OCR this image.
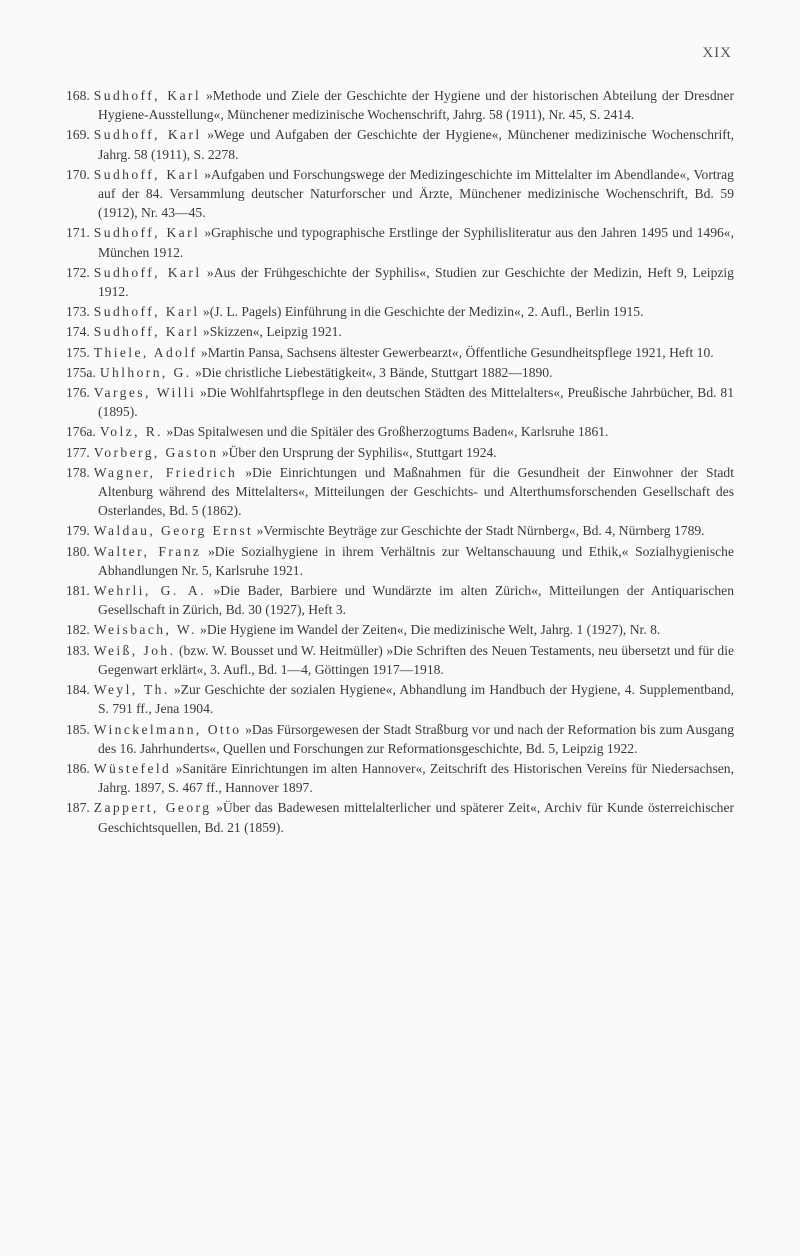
XIX
168. Sudhoff, Karl »Methode und Ziele der Geschichte der Hygiene und der historischen Abteilung der Dresdner Hygiene-Ausstellung«, Münchener medizinische Wochenschrift, Jahrg. 58 (1911), Nr. 45, S. 2414.
169. Sudhoff, Karl »Wege und Aufgaben der Geschichte der Hygiene«, Münchener medizinische Wochenschrift, Jahrg. 58 (1911), S. 2278.
170. Sudhoff, Karl »Aufgaben und Forschungswege der Medizingeschichte im Mittelalter im Abendlande«, Vortrag auf der 84. Versammlung deutscher Naturforscher und Ärzte, Münchener medizinische Wochenschrift, Bd. 59 (1912), Nr. 43—45.
171. Sudhoff, Karl »Graphische und typographische Erstlinge der Syphilisliteratur aus den Jahren 1495 und 1496«, München 1912.
172. Sudhoff, Karl »Aus der Frühgeschichte der Syphilis«, Studien zur Geschichte der Medizin, Heft 9, Leipzig 1912.
173. Sudhoff, Karl »(J. L. Pagels) Einführung in die Geschichte der Medizin«, 2. Aufl., Berlin 1915.
174. Sudhoff, Karl »Skizzen«, Leipzig 1921.
175. Thiele, Adolf »Martin Pansa, Sachsens ältester Gewerbearzt«, Öffentliche Gesundheitspflege 1921, Heft 10.
175a. Uhlhorn, G. »Die christliche Liebestätigkeit«, 3 Bände, Stuttgart 1882—1890.
176. Varges, Willi »Die Wohlfahrtspflege in den deutschen Städten des Mittelalters«, Preußische Jahrbücher, Bd. 81 (1895).
176a. Volz, R. »Das Spitalwesen und die Spitäler des Großherzogtums Baden«, Karlsruhe 1861.
177. Vorberg, Gaston »Über den Ursprung der Syphilis«, Stuttgart 1924.
178. Wagner, Friedrich »Die Einrichtungen und Maßnahmen für die Gesundheit der Einwohner der Stadt Altenburg während des Mittelalters«, Mitteilungen der Geschichts- und Alterthumsforschenden Gesellschaft des Osterlandes, Bd. 5 (1862).
179. Waldau, Georg Ernst »Vermischte Beyträge zur Geschichte der Stadt Nürnberg«, Bd. 4, Nürnberg 1789.
180. Walter, Franz »Die Sozialhygiene in ihrem Verhältnis zur Weltanschauung und Ethik,« Sozialhygienische Abhandlungen Nr. 5, Karlsruhe 1921.
181. Wehrli, G. A. »Die Bader, Barbiere und Wundärzte im alten Zürich«, Mitteilungen der Antiquarischen Gesellschaft in Zürich, Bd. 30 (1927), Heft 3.
182. Weisbach, W. »Die Hygiene im Wandel der Zeiten«, Die medizinische Welt, Jahrg. 1 (1927), Nr. 8.
183. Weiß, Joh. (bzw. W. Bousset und W. Heitmüller) »Die Schriften des Neuen Testaments, neu übersetzt und für die Gegenwart erklärt«, 3. Aufl., Bd. 1—4, Göttingen 1917—1918.
184. Weyl, Th. »Zur Geschichte der sozialen Hygiene«, Abhandlung im Handbuch der Hygiene, 4. Supplementband, S. 791 ff., Jena 1904.
185. Winckelmann, Otto »Das Fürsorgewesen der Stadt Straßburg vor und nach der Reformation bis zum Ausgang des 16. Jahrhunderts«, Quellen und Forschungen zur Reformationsgeschichte, Bd. 5, Leipzig 1922.
186. Wüstefeld »Sanitäre Einrichtungen im alten Hannover«, Zeitschrift des Historischen Vereins für Niedersachsen, Jahrg. 1897, S. 467 ff., Hannover 1897.
187. Zappert, Georg »Über das Badewesen mittelalterlicher und späterer Zeit«, Archiv für Kunde österreichischer Geschichtsquellen, Bd. 21 (1859).
